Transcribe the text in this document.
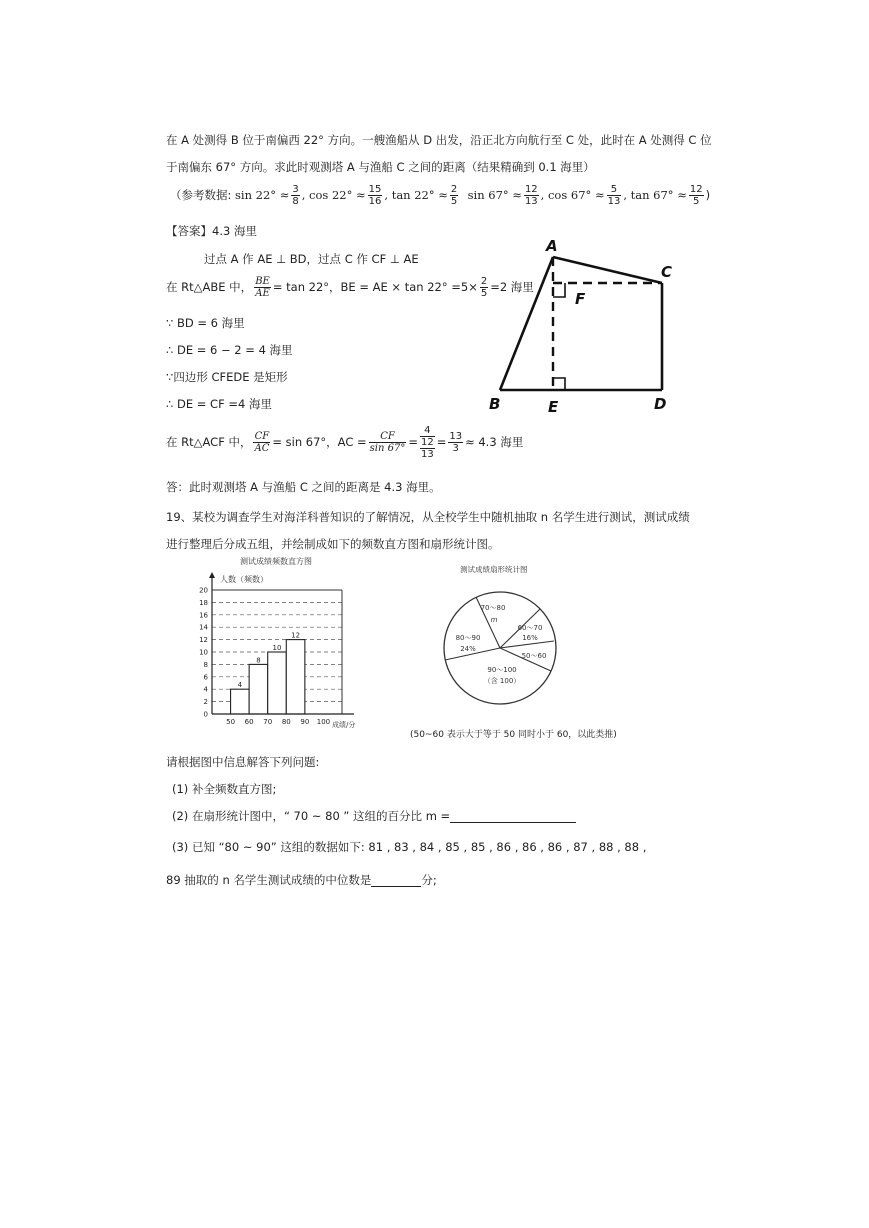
在 A 处测得 B 位于南偏西 22° 方向。一艘渔船从 D 出发，沿正北方向航行至 C 处，此时在 A 处测得 C 位
于南偏东 67° 方向。求此时观测塔 A 与渔船 C 之间的距离（结果精确到 0.1 海里）
（参考数据: $\sin 22^\circ \approx \frac{3}{8}$ , $\cos 22^\circ \approx \frac{15}{16}$ , $\tan 22^\circ \approx \frac{2}{5}$ $\sin 67^\circ \approx \frac{12}{13}$ , $\cos 67^\circ \approx \frac{5}{13}$ , $\tan 67^\circ \approx \frac{12}{5}$ )
【答案】4.3 海里
过点 A 作 AE ⊥ BD，过点 C 作 CF ⊥ AE
在 Rt△ABE 中， $\frac{BE}{AE} = \tan 22^\circ$，BE = AE × $\tan 22^\circ =5\times \frac{2}{5} =2$ 海里
∵ BD = 6 海里
∴ DE = 6 − 2 = 4 海里
∵四边形 CFEDE 是矩形
∴ DE = CF =4 海里
在 Rt△ACF 中， $\frac{CF}{AC} = \sin 67^\circ$，AC = $\frac{CF}{\sin 67^\circ}$ =
4
12
13
= $\frac{13}{3} \approx 4.3$ 海里
答：此时观测塔 A 与渔船 C 之间的距离是 4.3 海里。
A
C
F
B	E	D
19、某校为调查学生对海洋科普知识的了解情况，从全校学生中随机抽取 n 名学生进行测试，测试成绩
进行整理后分成五组，并绘制成如下的频数直方图和扇形统计图。
测试成绩频数直方图
人数（频数）
成绩/分
0
2
4
6
8
10
12
14
16
18
20
50 60 70 80 90 100
4
8
10
12
测试成绩扇形统计图
70～80
m
60～70
16%
50～60
90～100
（含 100）
80～90
24%
(50~60 表示大于等于 50 同时小于 60，以此类推)
请根据图中信息解答下列问题:
(1) 补全频数直方图;
(2) 在扇形统计图中，“ 70 ~ 80 ” 这组的百分比 m =
(3) 已知 “80 ~ 90” 这组的数据如下: 81 , 83 , 84 , 85 , 85 , 86 , 86 , 86 , 87 , 88 , 88 ,
89 抽取的 n 名学生测试成绩的中位数是	分;
